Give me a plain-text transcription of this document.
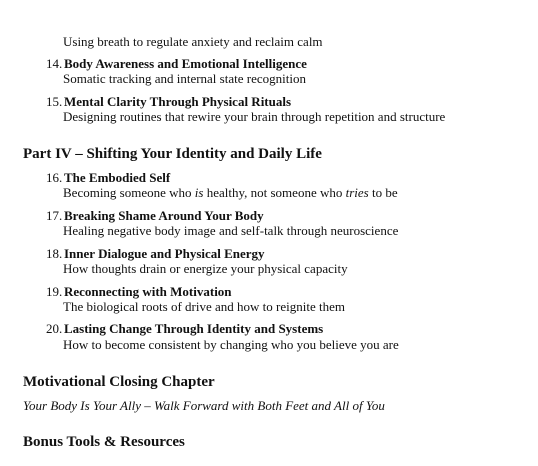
Using breath to regulate anxiety and reclaim calm
14. Body Awareness and Emotional Intelligence
Somatic tracking and internal state recognition
15. Mental Clarity Through Physical Rituals
Designing routines that rewire your brain through repetition and structure
Part IV – Shifting Your Identity and Daily Life
16. The Embodied Self
Becoming someone who is healthy, not someone who tries to be
17. Breaking Shame Around Your Body
Healing negative body image and self-talk through neuroscience
18. Inner Dialogue and Physical Energy
How thoughts drain or energize your physical capacity
19. Reconnecting with Motivation
The biological roots of drive and how to reignite them
20. Lasting Change Through Identity and Systems
How to become consistent by changing who you believe you are
Motivational Closing Chapter
Your Body Is Your Ally – Walk Forward with Both Feet and All of You
Bonus Tools & Resources
